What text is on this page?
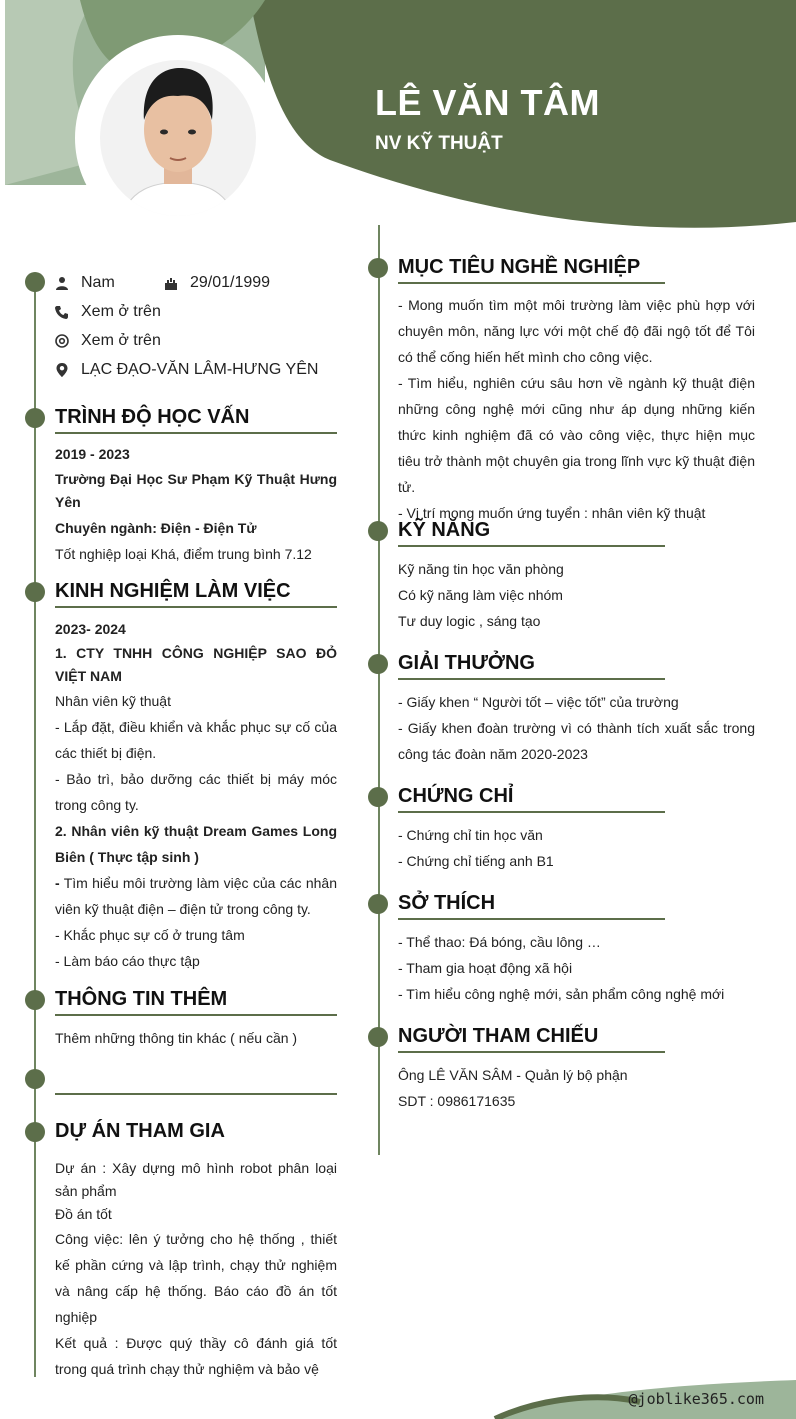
LÊ VĂN TÂM
NV KỸ THUẬT
Nam	29/01/1999
Xem ở trên
Xem ở trên
LẠC ĐẠO-VĂN LÂM-HƯNG YÊN
TRÌNH ĐỘ HỌC VẤN

2019 - 2023

Trường Đại Học Sư Phạm Kỹ Thuật Hưng Yên

Chuyên ngành: Điện - Điện Tử

Tốt nghiệp loại Khá, điểm trung bình 7.12

KINH NGHIỆM LÀM VIỆC

2023- 2024

1. CTY TNHH CÔNG NGHIỆP SAO ĐỎ VIỆT NAM

Nhân viên kỹ thuật

- Lắp đặt, điều khiển và khắc phục sự cố của các thiết bị điện.

- Bảo trì, bảo dưỡng các thiết bị máy móc trong công ty.

2. Nhân viên kỹ thuật Dream Games Long Biên ( Thực tập sinh )

- Tìm hiểu môi trường làm việc của các nhân viên kỹ thuật điện – điện tử trong công ty.

- Khắc phục sự cố ở trung tâm

- Làm báo cáo thực tập

THÔNG TIN THÊM

Thêm những thông tin khác ( nếu cần )

DỰ ÁN THAM GIA

Dự án : Xây dựng mô hình robot phân loại sản phẩm

Đồ án tốt

Công việc: lên ý tưởng cho hệ thống , thiết kế phần cứng và lập trình, chạy thử nghiệm và nâng cấp hệ thống. Báo cáo đồ án tốt nghiệp

Kết quả : Được quý thầy cô đánh giá tốt trong quá trình chạy thử nghiệm và bảo vệ

MỤC TIÊU NGHỀ NGHIỆP

- Mong muốn tìm một môi trường làm việc phù hợp với chuyên môn, năng lực với một chế độ đãi ngộ tốt để Tôi có thể cống hiến hết mình cho công việc.

- Tìm hiểu, nghiên cứu sâu hơn về ngành kỹ thuật điện những công nghệ mới cũng như áp dụng những kiến thức kinh nghiệm đã có vào công việc, thực hiện mục tiêu trở thành một chuyên gia trong lĩnh vực kỹ thuật điện tử.

- Vị trí mong muốn ứng tuyển : nhân viên kỹ thuật

KỸ NĂNG

Kỹ năng tin học văn phòng

Có kỹ năng làm việc nhóm

Tư duy logic , sáng tạo

GIẢI THƯỞNG

- Giấy khen “ Người tốt – việc tốt” của trường

- Giấy khen đoàn trường vì có thành tích xuất sắc trong công tác đoàn năm 2020-2023

CHỨNG CHỈ

- Chứng chỉ tin học văn

- Chứng chỉ tiếng anh B1

SỞ THÍCH

- Thể thao: Đá bóng, cầu lông …

- Tham gia hoạt động xã hội

- Tìm hiểu công nghệ mới, sản phẩm công nghệ mới

NGƯỜI THAM CHIẾU

Ông LÊ VĂN SÂM - Quản lý bộ phận

SDT : 0986171635

@joblike365.com
